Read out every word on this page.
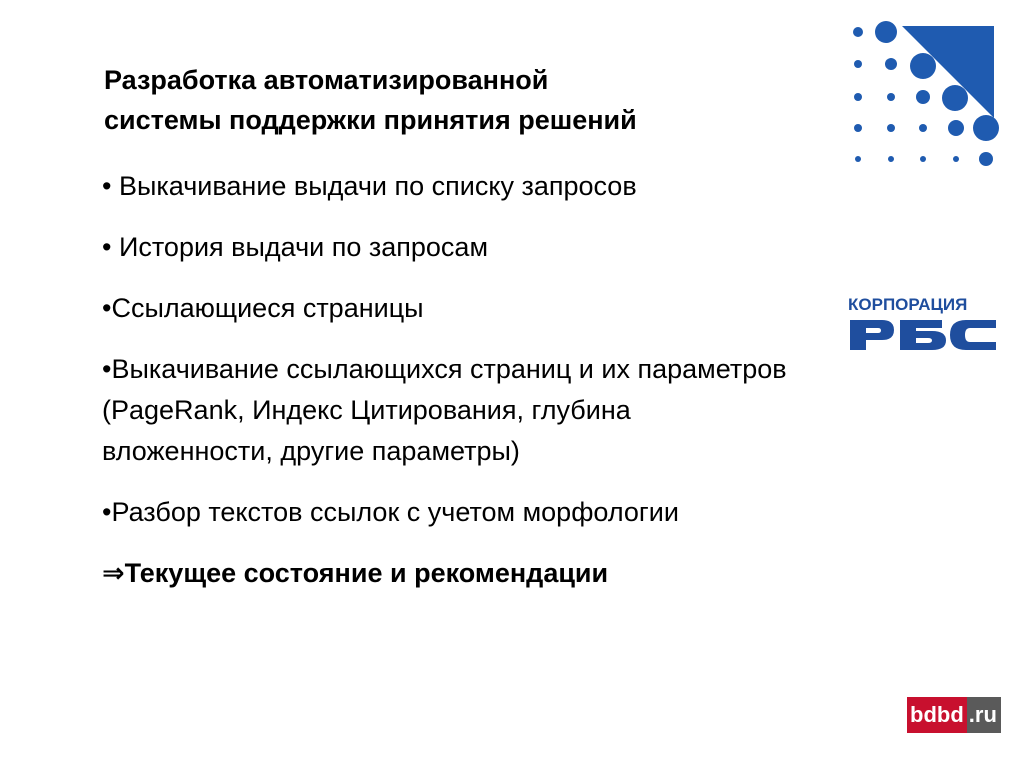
Разработка автоматизированной
системы поддержки принятия решений
• Выкачивание выдачи по списку запросов
• История выдачи по запросам
•Ссылающиеся страницы
•Выкачивание ссылающихся страниц и их параметров (PageRank, Индекс Цитирования, глубина вложенности, другие параметры)
•Разбор текстов ссылок с учетом морфологии
⇒Текущее состояние и рекомендации
КОРПОРАЦИЯ
bdbd .ru
